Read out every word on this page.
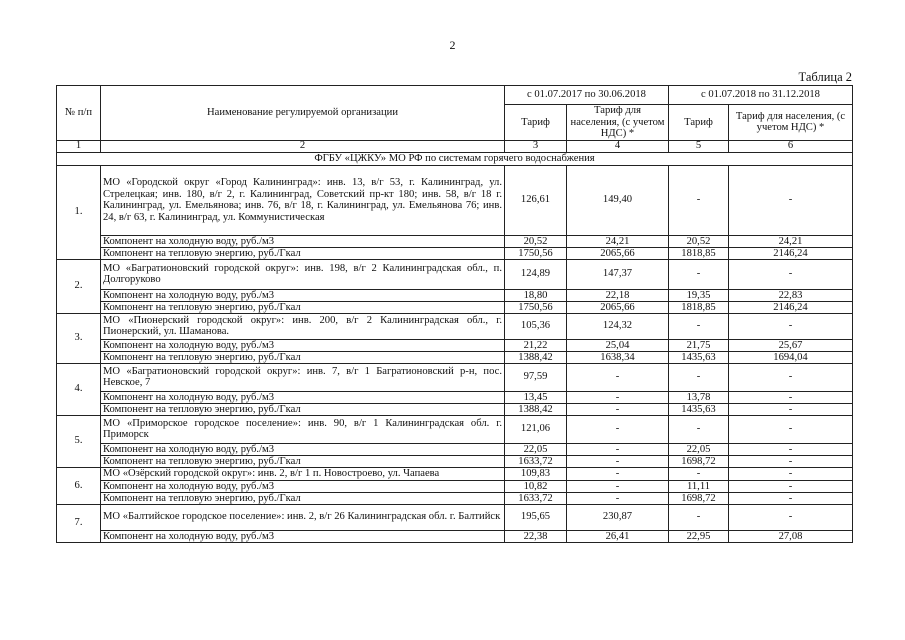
2
Таблица 2
№ п/п	Наименование регулируемой организации	с 01.07.2017 по 30.06.2018		с 01.07.2018 по 31.12.2018	
		Тариф	Тариф для населения, (с учетом НДС) *	Тариф	Тариф для населения, (с учетом НДС) *
1	2	3	4	5	6
ФГБУ «ЦЖКУ» МО РФ по системам горячего водоснабжения					
1.	МО «Городской округ «Город Калининград»: инв. 13, в/г 53, г. Калининград, ул. Стрелецкая; инв. 180, в/г 2, г. Калининград, Советский пр-кт 180; инв. 58, в/г 18 г. Калининград, ул. Емельянова; инв. 76, в/г 18, г. Калининград, ул. Емельянова 76; инв. 24, в/г 63, г. Калининград, ул. Коммунистическая	126,61	149,40	-	-
	Компонент на холодную воду, руб./м3	20,52	24,21	20,52	24,21
	Компонент на тепловую энергию, руб./Гкал	1750,56	2065,66	1818,85	2146,24
2.	МО «Багратионовский городской округ»: инв. 198, в/г 2 Калининградская обл., п. Долгоруково	124,89	147,37	-	-
	Компонент на холодную воду, руб./м3	18,80	22,18	19,35	22,83
	Компонент на тепловую энергию, руб./Гкал	1750,56	2065,66	1818,85	2146,24
3.	МО «Пионерский городской округ»: инв. 200, в/г 2 Калининградская обл., г. Пионерский, ул. Шаманова.	105,36	124,32	-	-
	Компонент на холодную воду, руб./м3	21,22	25,04	21,75	25,67
	Компонент на тепловую энергию, руб./Гкал	1388,42	1638,34	1435,63	1694,04
4.	МО «Багратионовский городской округ»: инв. 7, в/г 1 Багратионовский р-н, пос. Невское, 7	97,59	-	-	-
	Компонент на холодную воду, руб./м3	13,45	-	13,78	-
	Компонент на тепловую энергию, руб./Гкал	1388,42	-	1435,63	-
5.	МО «Приморское городское поселение»: инв. 90, в/г 1 Калининградская обл. г. Приморск	121,06	-	-	-
	Компонент на холодную воду, руб./м3	22,05	-	22,05	-
	Компонент на тепловую энергию, руб./Гкал	1633,72	-	1698,72	-
6.	МО «Озёрский городской округ»: инв. 2, в/г 1 п. Новостроево, ул. Чапаева	109,83	-	-	-
	Компонент на холодную воду, руб./м3	10,82	-	11,11	-
	Компонент на тепловую энергию, руб./Гкал	1633,72	-	1698,72	-
7.	МО «Балтийское городское поселение»: инв. 2, в/г 26 Калининградская обл. г. Балтийск	195,65	230,87	-	-
	Компонент на холодную воду, руб./м3	22,38	26,41	22,95	27,08
